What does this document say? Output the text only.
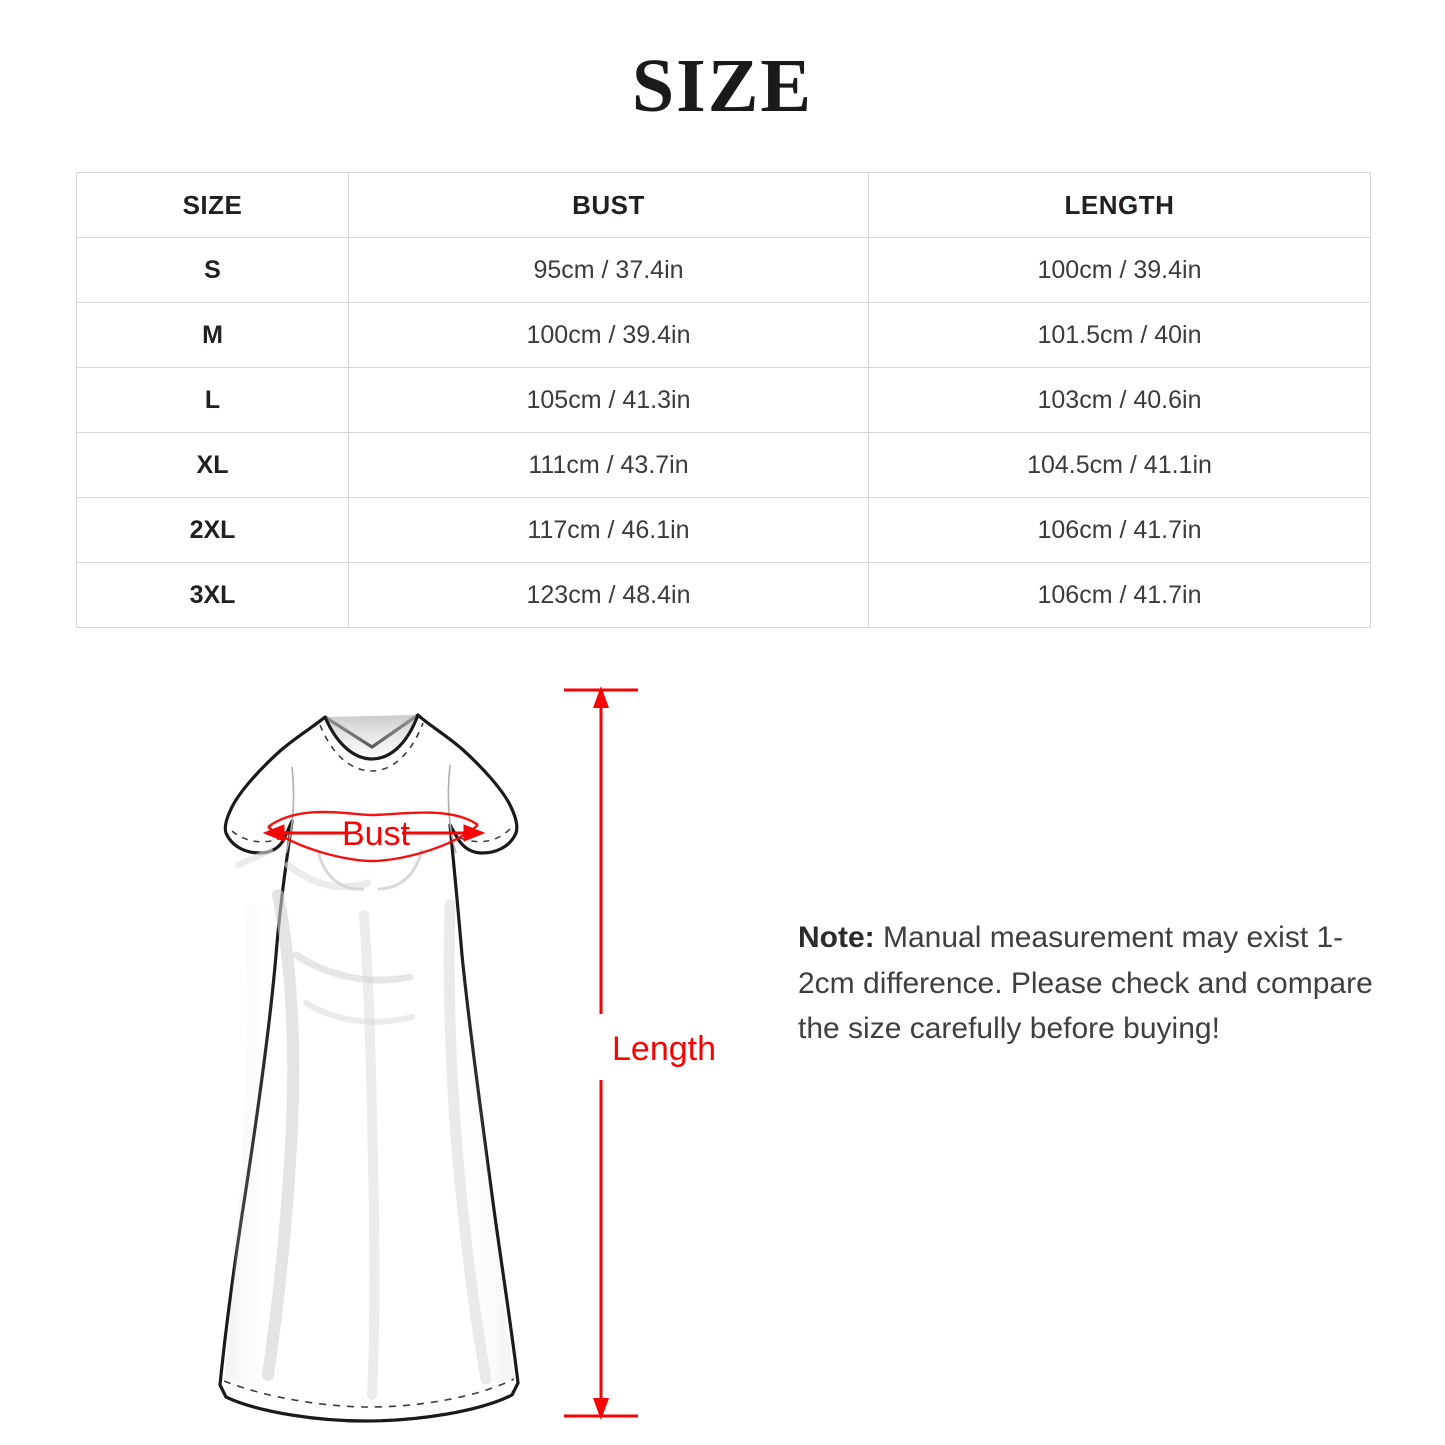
SIZE
SIZE	BUST	LENGTH
S	95cm / 37.4in	100cm / 39.4in
M	100cm / 39.4in	101.5cm / 40in
L	105cm / 41.3in	103cm / 40.6in
XL	111cm / 43.7in	104.5cm / 41.1in
2XL	117cm / 46.1in	106cm / 41.7in
3XL	123cm / 48.4in	106cm / 41.7in
Bust
Length
Note: Manual measurement may exist 1-2cm difference. Please check and compare the size carefully before buying!
